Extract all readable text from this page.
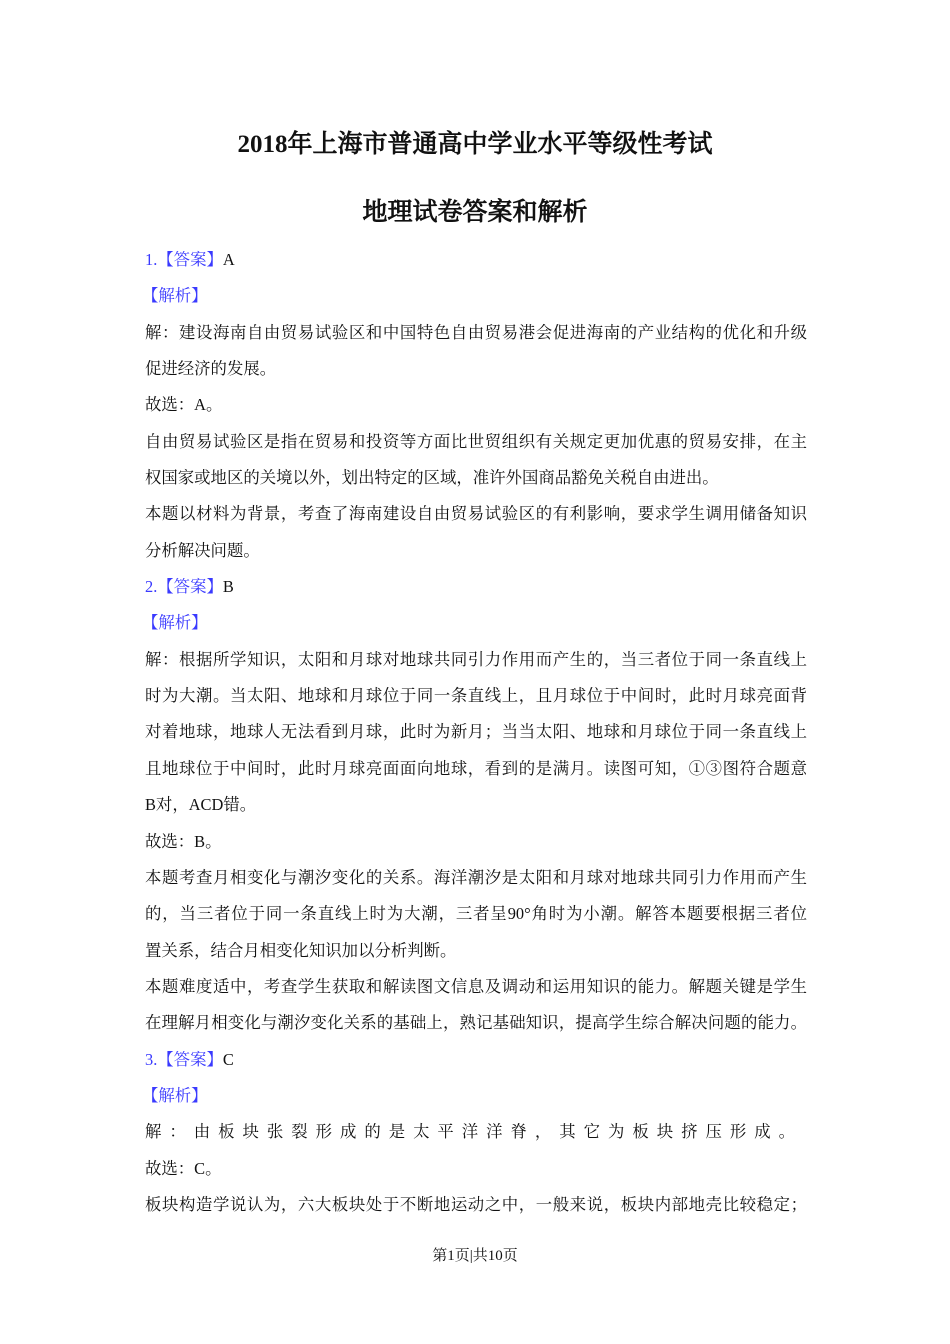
2018年上海市普通高中学业水平等级性考试
地理试卷答案和解析
1.【答案】A
【解析】
解：建设海南自由贸易试验区和中国特色自由贸易港会促进海南的产业结构的优化和升级
促进经济的发展。
故选：A。
自由贸易试验区是指在贸易和投资等方面比世贸组织有关规定更加优惠的贸易安排，在主
权国家或地区的关境以外，划出特定的区域，准许外国商品豁免关税自由进出。
本题以材料为背景，考查了海南建设自由贸易试验区的有利影响，要求学生调用储备知识
分析解决问题。
2.【答案】B
【解析】
解：根据所学知识，太阳和月球对地球共同引力作用而产生的，当三者位于同一条直线上
时为大潮。当太阳、地球和月球位于同一条直线上，且月球位于中间时，此时月球亮面背
对着地球，地球人无法看到月球，此时为新月；当当太阳、地球和月球位于同一条直线上
且地球位于中间时，此时月球亮面面向地球，看到的是满月。读图可知，①③图符合题意
B对，ACD错。
故选：B。
本题考查月相变化与潮汐变化的关系。海洋潮汐是太阳和月球对地球共同引力作用而产生
的，当三者位于同一条直线上时为大潮，三者呈90°角时为小潮。解答本题要根据三者位
置关系，结合月相变化知识加以分析判断。
本题难度适中，考查学生获取和解读图文信息及调动和运用知识的能力。解题关键是学生
在理解月相变化与潮汐变化关系的基础上，熟记基础知识，提高学生综合解决问题的能力。
3.【答案】C
【解析】
解：由板块张裂形成的是太平洋洋脊，其它为板块挤压形成。
故选：C。
板块构造学说认为，六大板块处于不断地运动之中，一般来说，板块内部地壳比较稳定；
第1页|共10页
